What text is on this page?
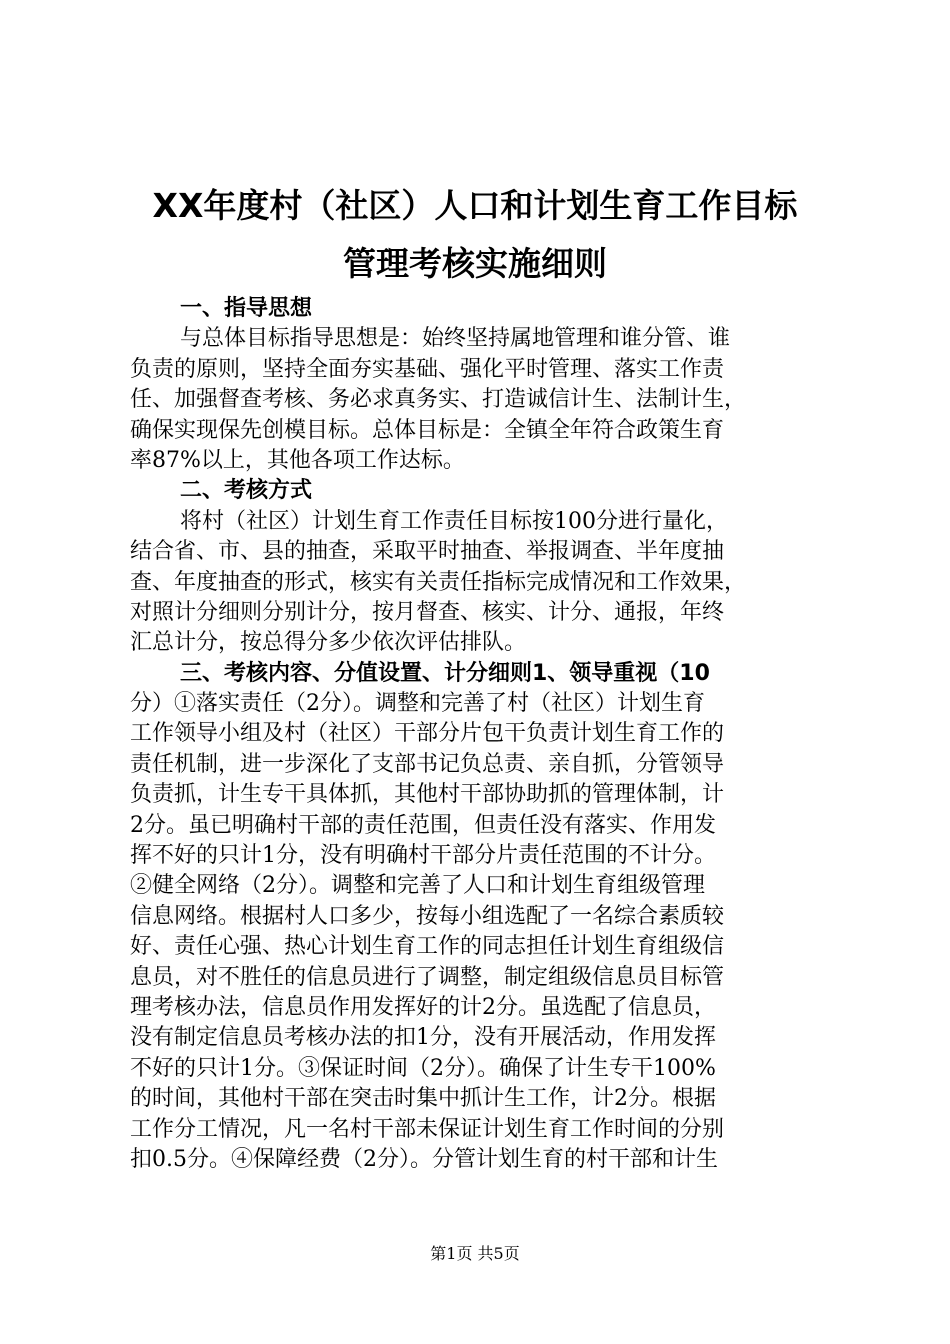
XX年度村（社区）人口和计划生育工作目标
管理考核实施细则
一、指导思想
与总体目标指导思想是：始终坚持属地管理和谁分管、谁
负责的原则，坚持全面夯实基础、强化平时管理、落实工作责
任、加强督查考核、务必求真务实、打造诚信计生、法制计生，
确保实现保先创模目标。总体目标是：全镇全年符合政策生育
率87%以上，其他各项工作达标。
二、考核方式
将村（社区）计划生育工作责任目标按100分进行量化，
结合省、市、县的抽查，采取平时抽查、举报调查、半年度抽
查、年度抽查的形式，核实有关责任指标完成情况和工作效果，
对照计分细则分别计分，按月督查、核实、计分、通报，年终
汇总计分，按总得分多少依次评估排队。
三、考核内容、分值设置、计分细则1、领导重视（10
分）①落实责任（2分）。调整和完善了村（社区）计划生育
工作领导小组及村（社区）干部分片包干负责计划生育工作的
责任机制，进一步深化了支部书记负总责、亲自抓，分管领导
负责抓，计生专干具体抓，其他村干部协助抓的管理体制，计
2分。虽已明确村干部的责任范围，但责任没有落实、作用发
挥不好的只计1分，没有明确村干部分片责任范围的不计分。
②健全网络（2分）。调整和完善了人口和计划生育组级管理
信息网络。根据村人口多少，按每小组选配了一名综合素质较
好、责任心强、热心计划生育工作的同志担任计划生育组级信
息员，对不胜任的信息员进行了调整，制定组级信息员目标管
理考核办法，信息员作用发挥好的计2分。虽选配了信息员，
没有制定信息员考核办法的扣1分，没有开展活动，作用发挥
不好的只计1分。③保证时间（2分）。确保了计生专干100%
的时间，其他村干部在突击时集中抓计生工作，计2分。根据
工作分工情况，凡一名村干部未保证计划生育工作时间的分别
扣0.5分。④保障经费（2分）。分管计划生育的村干部和计生
第1页 共5页
